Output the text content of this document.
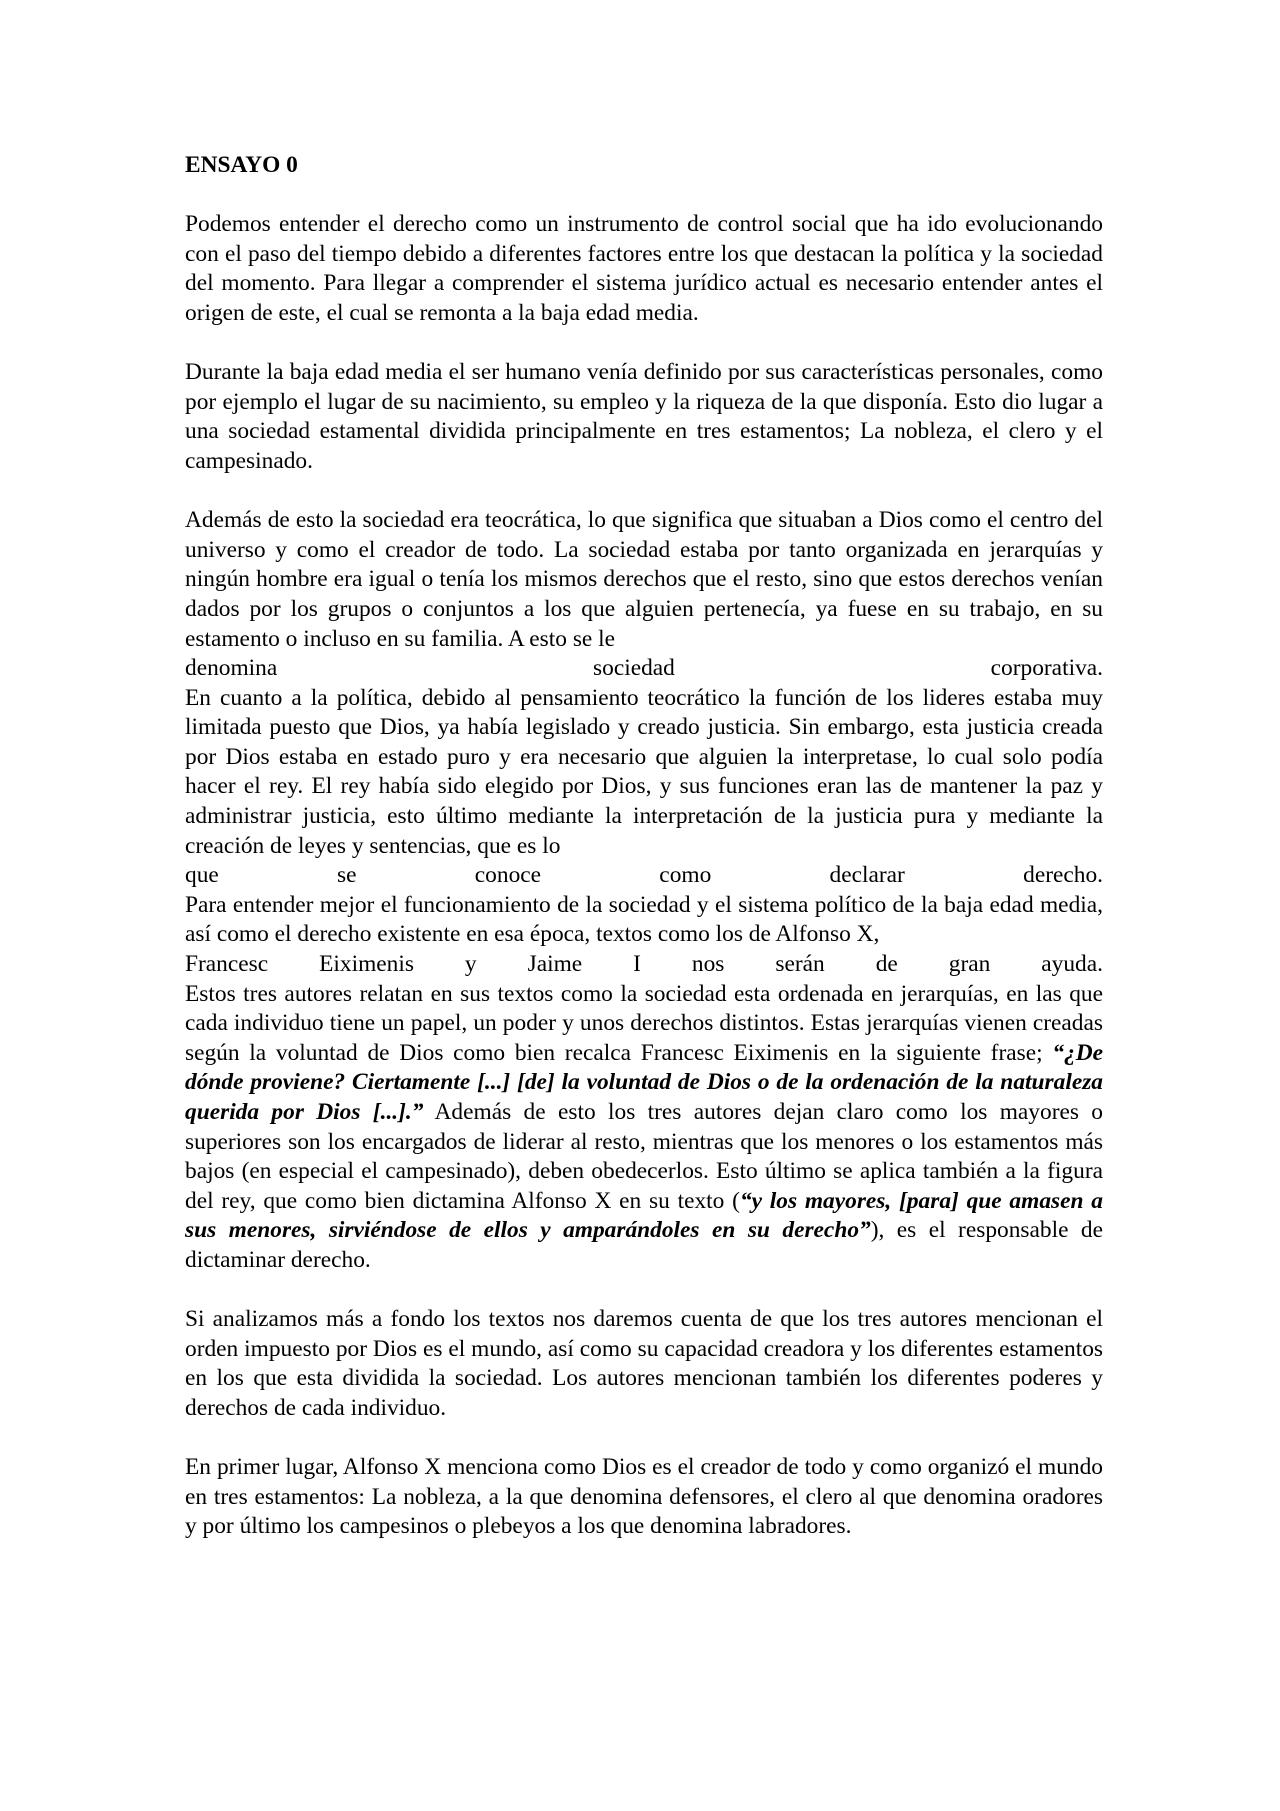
ENSAYO 0

Podemos entender el derecho como un instrumento de control social que ha ido evolucionando con el paso del tiempo debido a diferentes factores entre los que destacan la política y la sociedad del momento. Para llegar a comprender el sistema jurídico actual es necesario entender antes el origen de este, el cual se remonta a la baja edad media.

Durante la baja edad media el ser humano venía definido por sus características personales, como por ejemplo el lugar de su nacimiento, su empleo y la riqueza de la que disponía. Esto dio lugar a una sociedad estamental dividida principalmente en tres estamentos; La nobleza, el clero y el campesinado.

Además de esto la sociedad era teocrática, lo que significa que situaban a Dios como el centro del universo y como el creador de todo. La sociedad estaba por tanto organizada en jerarquías y ningún hombre era igual o tenía los mismos derechos que el resto, sino que estos derechos venían dados por los grupos o conjuntos a los que alguien pertenecía, ya fuese en su trabajo, en su estamento o incluso en su familia. A esto se le
denomina sociedad corporativa.
En cuanto a la política, debido al pensamiento teocrático la función de los lideres estaba muy limitada puesto que Dios, ya había legislado y creado justicia. Sin embargo, esta justicia creada por Dios estaba en estado puro y era necesario que alguien la interpretase, lo cual solo podía hacer el rey. El rey había sido elegido por Dios, y sus funciones eran las de mantener la paz y administrar justicia, esto último mediante la interpretación de la justicia pura y mediante la creación de leyes y sentencias, que es lo
que se conoce como declarar derecho.
Para entender mejor el funcionamiento de la sociedad y el sistema político de la baja edad media, así como el derecho existente en esa época, textos como los de Alfonso X,
Francesc Eiximenis y Jaime I nos serán de gran ayuda.
Estos tres autores relatan en sus textos como la sociedad esta ordenada en jerarquías, en las que cada individuo tiene un papel, un poder y unos derechos distintos. Estas jerarquías vienen creadas según la voluntad de Dios como bien recalca Francesc Eiximenis en la siguiente frase; “¿De dónde proviene? Ciertamente [...] [de] la voluntad de Dios o de la ordenación de la naturaleza querida por Dios [...].” Además de esto los tres autores dejan claro como los mayores o superiores son los encargados de liderar al resto, mientras que los menores o los estamentos más bajos (en especial el campesinado), deben obedecerlos. Esto último se aplica también a la figura del rey, que como bien dictamina Alfonso X en su texto (“y los mayores, [para] que amasen a sus menores, sirviéndose de ellos y amparándoles en su derecho”), es el responsable de dictaminar derecho.

Si analizamos más a fondo los textos nos daremos cuenta de que los tres autores mencionan el orden impuesto por Dios es el mundo, así como su capacidad creadora y los diferentes estamentos en los que esta dividida la sociedad. Los autores mencionan también los diferentes poderes y derechos de cada individuo.

En primer lugar, Alfonso X menciona como Dios es el creador de todo y como organizó el mundo en tres estamentos: La nobleza, a la que denomina defensores, el clero al que denomina oradores y por último los campesinos o plebeyos a los que denomina labradores.
